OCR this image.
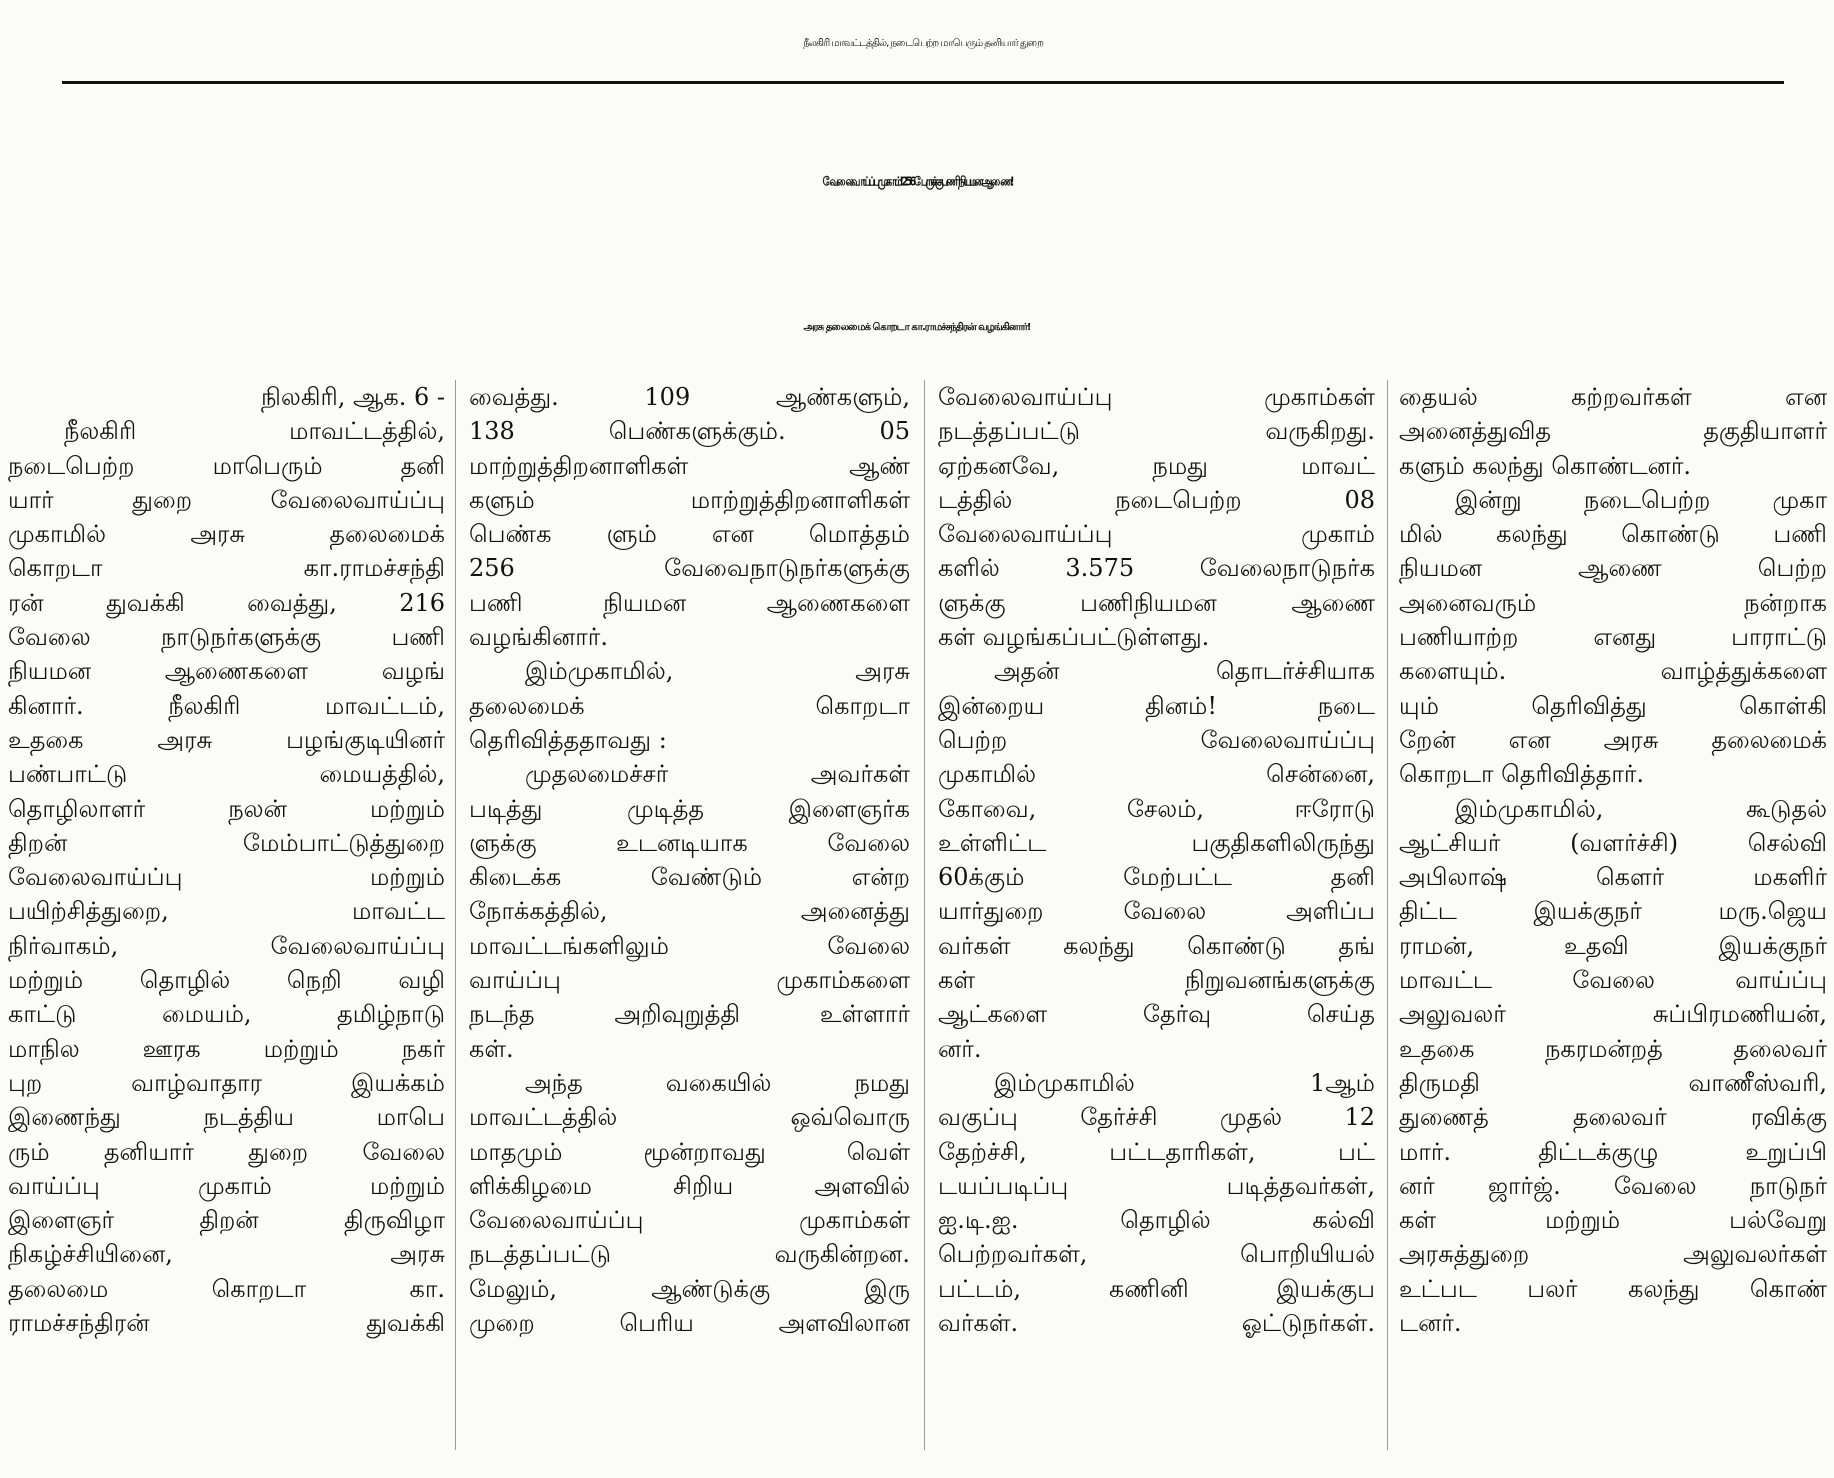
நீலகிரி மாவட்டத்தில், நடைபெற்ற மாபெரும் தனியார் துறை
வேலைவாய்ப்பு முகாம்! 256 பேருக்கு பணி நியமன ஆணை!
அரசு தலைமைக் கொறடா கா.ராமச்சந்திரன் வழங்கினார்!
நிலகிரி, ஆக. 6 -
நீலகிரி மாவட்டத்தில்,
நடைபெற்ற மாபெரும் தனி
யார் துறை வேலைவாய்ப்பு
முகாமில் அரசு தலைமைக்
கொறடா கா.ராமச்சந்தி
ரன் துவக்கி வைத்து, 216
வேலை நாடுநர்களுக்கு பணி
நியமன ஆணைகளை வழங்
கினார். நீலகிரி மாவட்டம்,
உதகை அரசு பழங்குடியினர்
பண்பாட்டு மையத்தில்,
தொழிலாளர் நலன் மற்றும்
திறன் மேம்பாட்டுத்துறை
வேலைவாய்ப்பு மற்றும்
பயிற்சித்துறை, மாவட்ட
நிர்வாகம், வேலைவாய்ப்பு
மற்றும் தொழில் நெறி வழி
காட்டு மையம், தமிழ்நாடு
மாநில ஊரக மற்றும் நகர்
புற வாழ்வாதார இயக்கம்
இணைந்து நடத்திய மாபெ
ரும் தனியார் துறை வேலை
வாய்ப்பு முகாம் மற்றும்
இளைஞர் திறன் திருவிழா
நிகழ்ச்சியினை, அரசு
தலைமை கொறடா கா.
ராமச்சந்திரன் துவக்கி
வைத்து. 109 ஆண்களும்,
138 பெண்களுக்கும். 05
மாற்றுத்திறனாளிகள் ஆண்
களும் மாற்றுத்திறனாளிகள்
பெண்க ளும் என மொத்தம்
256 வேவைநாடுநர்களுக்கு
பணி நியமன ஆணைகளை
வழங்கினார்.
இம்முகாமில், அரசு
தலைமைக் கொறடா
தெரிவித்ததாவது :
முதலமைச்சர் அவர்கள்
படித்து முடித்த இளைஞர்க
ளுக்கு உடனடியாக வேலை
கிடைக்க வேண்டும் என்ற
நோக்கத்தில், அனைத்து
மாவட்டங்களிலும் வேலை
வாய்ப்பு முகாம்களை
நடந்த அறிவுறுத்தி உள்ளார்
கள்.
அந்த வகையில் நமது
மாவட்டத்தில் ஒவ்வொரு
மாதமும் மூன்றாவது வெள்
ளிக்கிழமை சிறிய அளவில்
வேலைவாய்ப்பு முகாம்கள்
நடத்தப்பட்டு வருகின்றன.
மேலும், ஆண்டுக்கு இரு
முறை பெரிய அளவிலான
வேலைவாய்ப்பு முகாம்கள்
நடத்தப்பட்டு வருகிறது.
ஏற்கனவே, நமது மாவட்
டத்தில் நடைபெற்ற 08
வேலைவாய்ப்பு முகாம்
களில் 3.575 வேலைநாடுநர்க
ளுக்கு பணிநியமன ஆணை
கள் வழங்கப்பட்டுள்ளது.
அதன் தொடர்ச்சியாக
இன்றைய தினம்! நடை
பெற்ற வேலைவாய்ப்பு
முகாமில் சென்னை,
கோவை, சேலம், ஈரோடு
உள்ளிட்ட பகுதிகளிலிருந்து
60க்கும் மேற்பட்ட தனி
யார்துறை வேலை அளிப்ப
வர்கள் கலந்து கொண்டு தங்
கள் நிறுவனங்களுக்கு
ஆட்களை தேர்வு செய்த
னர்.
இம்முகாமில் 1ஆம்
வகுப்பு தேர்ச்சி முதல் 12
தேற்ச்சி, பட்டதாரிகள், பட்
டயப்படிப்பு படித்தவர்கள்,
ஐ.டி.ஐ. தொழில் கல்வி
பெற்றவர்கள், பொறியியல்
பட்டம், கணினி இயக்குப
வர்கள். ஓட்டுநர்கள்.
தையல் கற்றவர்கள் என
அனைத்துவித தகுதியாளர்
களும் கலந்து கொண்டனர்.
இன்று நடைபெற்ற முகா
மில் கலந்து கொண்டு பணி
நியமன ஆணை பெற்ற
அனைவரும் நன்றாக
பணியாற்ற எனது பாராட்டு
களையும். வாழ்த்துக்களை
யும் தெரிவித்து கொள்கி
றேன் என அரசு தலைமைக்
கொறடா தெரிவித்தார்.
இம்முகாமில், கூடுதல்
ஆட்சியர் (வளர்ச்சி) செல்வி
அபிலாஷ் கௌர் மகளிர்
திட்ட இயக்குநர் மரு.ஜெய
ராமன், உதவி இயக்குநர்
மாவட்ட வேலை வாய்ப்பு
அலுவலர் சுப்பிரமணியன்,
உதகை நகரமன்றத் தலைவர்
திருமதி வாணீஸ்வரி,
துணைத் தலைவர் ரவிக்கு
மார். திட்டக்குழு உறுப்பி
னர் ஜார்ஜ். வேலை நாடுநர்
கள் மற்றும் பல்வேறு
அரசுத்துறை அலுவலர்கள்
உட்பட பலர் கலந்து கொண்
டனர்.
